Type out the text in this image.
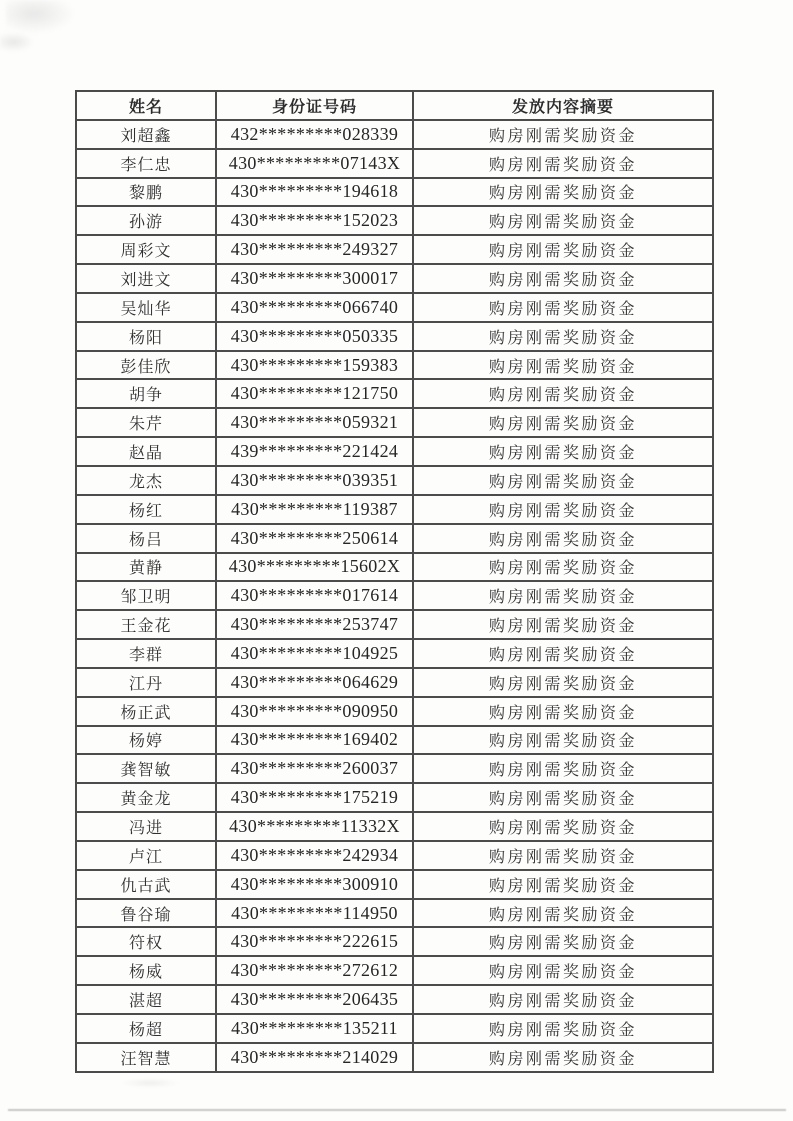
姓名	身份证号码	发放内容摘要
刘超鑫	432*********028339	购房刚需奖励资金
李仁忠	430*********07143X	购房刚需奖励资金
黎鹏	430*********194618	购房刚需奖励资金
孙游	430*********152023	购房刚需奖励资金
周彩文	430*********249327	购房刚需奖励资金
刘进文	430*********300017	购房刚需奖励资金
吴灿华	430*********066740	购房刚需奖励资金
杨阳	430*********050335	购房刚需奖励资金
彭佳欣	430*********159383	购房刚需奖励资金
胡争	430*********121750	购房刚需奖励资金
朱芹	430*********059321	购房刚需奖励资金
赵晶	439*********221424	购房刚需奖励资金
龙杰	430*********039351	购房刚需奖励资金
杨红	430*********119387	购房刚需奖励资金
杨吕	430*********250614	购房刚需奖励资金
黄静	430*********15602X	购房刚需奖励资金
邹卫明	430*********017614	购房刚需奖励资金
王金花	430*********253747	购房刚需奖励资金
李群	430*********104925	购房刚需奖励资金
江丹	430*********064629	购房刚需奖励资金
杨正武	430*********090950	购房刚需奖励资金
杨婷	430*********169402	购房刚需奖励资金
龚智敏	430*********260037	购房刚需奖励资金
黄金龙	430*********175219	购房刚需奖励资金
冯进	430*********11332X	购房刚需奖励资金
卢江	430*********242934	购房刚需奖励资金
仇古武	430*********300910	购房刚需奖励资金
鲁谷瑜	430*********114950	购房刚需奖励资金
符权	430*********222615	购房刚需奖励资金
杨威	430*********272612	购房刚需奖励资金
湛超	430*********206435	购房刚需奖励资金
杨超	430*********135211	购房刚需奖励资金
汪智慧	430*********214029	购房刚需奖励资金
